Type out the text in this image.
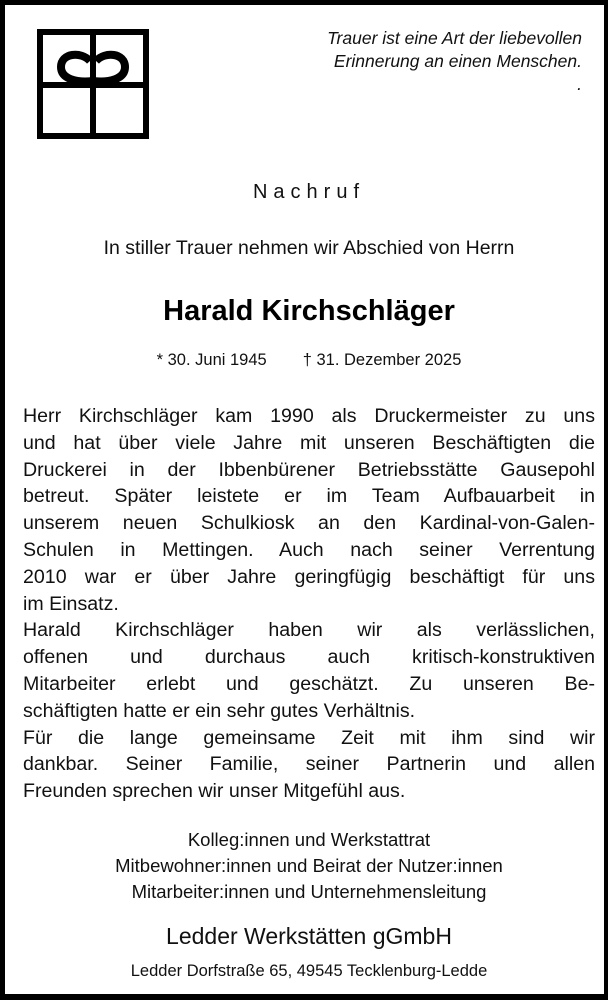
Trauer ist eine Art der liebevollen
Erinnerung an einen Menschen.
.
Nachruf
In stiller Trauer nehmen wir Abschied von Herrn
Harald Kirchschläger
* 30. Juni 1945 † 31. Dezember 2025
Herr Kirchschläger kam 1990 als Druckermeister zu uns
und hat über viele Jahre mit unseren Beschäftigten die
Druckerei in der Ibbenbürener Betriebsstätte Gausepohl
betreut. Später leistete er im Team Aufbauarbeit in
unserem neuen Schulkiosk an den Kardinal-von-Galen-
Schulen in Mettingen. Auch nach seiner Verrentung
2010 war er über Jahre geringfügig beschäftigt für uns
im Einsatz.
Harald Kirchschläger haben wir als verlässlichen,
offenen und durchaus auch kritisch-konstruktiven
Mitarbeiter erlebt und geschätzt. Zu unseren Be-
schäftigten hatte er ein sehr gutes Verhältnis.
Für die lange gemeinsame Zeit mit ihm sind wir
dankbar. Seiner Familie, seiner Partnerin und allen
Freunden sprechen wir unser Mitgefühl aus.
Kolleg:innen und Werkstattrat
Mitbewohner:innen und Beirat der Nutzer:innen
Mitarbeiter:innen und Unternehmensleitung
Ledder Werkstätten gGmbH
Ledder Dorfstraße 65, 49545 Tecklenburg-Ledde
